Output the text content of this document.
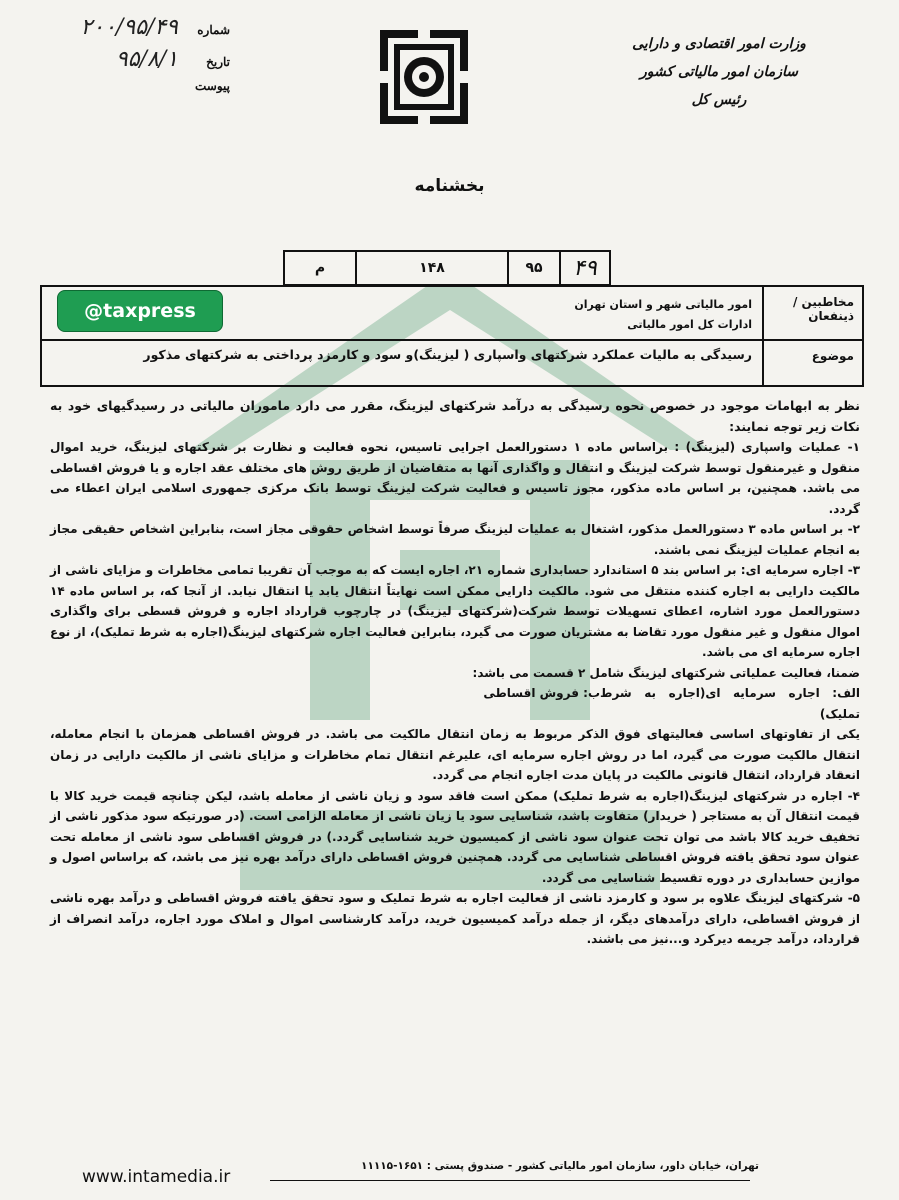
وزارت امور اقتصادی و دارایی
سازمان امور مالیاتی کشور
رئیس کل
شماره
۲۰۰/۹۵/۴۹
تاریخ
۹۵/۸/۱
پیوست
بخشنامه
م	۱۴۸	۹۵	۴۹
مخاطبین / ذینفعان
امور مالیاتی شهر و استان تهران
ادارات کل امور مالیاتی
موضوع
رسیدگی به مالیات عملکرد شرکتهای واسپاری ( لیزینگ)و سود و کارمزد پرداختی به شرکتهای مذکور
@taxpress

نظر به ابهامات موجود در خصوص نحوه رسیدگی به درآمد شرکتهای لیزینگ، مقرر می دارد ماموران مالیاتی در رسیدگیهای خود به نکات زیر توجه نمایند:

۱- عملیات واسپاری (لیزینگ) : براساس ماده ۱ دستورالعمل اجرایی تاسیس، نحوه فعالیت و نظارت بر شرکتهای لیزینگ، خرید اموال منقول و غیرمنقول توسط شرکت لیزینگ و انتقال و واگذاری آنها به متقاضیان از طریق روش های مختلف عقد اجاره و یا فروش اقساطی می باشد. همچنین، بر اساس ماده مذکور، مجوز تاسیس و فعالیت شرکت لیزینگ توسط بانک مرکزی جمهوری اسلامی ایران اعطاء می گردد.

۲- بر اساس ماده ۳ دستورالعمل مذکور، اشتغال به عملیات لیزینگ صرفاً توسط اشخاص حقوقی مجاز است، بنابراین اشخاص حقیقی مجاز به انجام عملیات لیزینگ نمی باشند.

۳- اجاره سرمایه ای: بر اساس بند ۵ استاندارد حسابداری شماره ۲۱، اجاره ایست که به موجب آن تقریبا تمامی مخاطرات و مزایای ناشی از مالکیت دارایی به اجاره کننده منتقل می شود. مالکیت دارایی ممکن است نهایتاً انتقال یابد یا انتقال نیابد. از آنجا که، بر اساس ماده ۱۴ دستورالعمل مورد اشاره، اعطای تسهیلات توسط شرکت(شرکتهای لیزینگ) در چارچوب قرارداد اجاره و فروش قسطی برای واگذاری اموال منقول و غیر منقول مورد تقاضا به مشتریان صورت می گیرد، بنابراین فعالیت اجاره شرکتهای لیزینگ(اجاره به شرط تملیک)، از نوع اجاره سرمایه ای می باشد.

ضمنا، فعالیت عملیاتی شرکتهای لیزینگ شامل ۲ قسمت می باشد:

الف: اجاره سرمایه ای(اجاره به شرط تملیک)
ب: فروش اقساطی

یکی از تفاوتهای اساسی فعالیتهای فوق الذکر مربوط به زمان انتقال مالکیت می باشد. در فروش اقساطی همزمان با انجام معامله، انتقال مالکیت صورت می گیرد، اما در روش اجاره سرمایه ای، علیرغم انتقال تمام مخاطرات و مزایای ناشی از مالکیت دارایی در زمان انعقاد قرارداد، انتقال قانونی مالکیت در پایان مدت اجاره انجام می گردد.

۴- اجاره در شرکتهای لیزینگ(اجاره به شرط تملیک) ممکن است فاقد سود و زیان ناشی از معامله باشد، لیکن چنانچه قیمت خرید کالا با قیمت انتقال آن به مستاجر ( خریدار) متفاوت باشد، شناسایی سود یا زیان ناشی از معامله الزامی است. (در صورتیکه سود مذکور ناشی از تخفیف خرید کالا باشد می توان تحت عنوان سود ناشی از کمیسیون خرید شناسایی گردد.) در فروش اقساطی سود ناشی از معامله تحت عنوان سود تحقق یافته فروش اقساطی شناسایی می گردد. همچنین فروش اقساطی دارای درآمد بهره نیز می باشد، که براساس اصول و موازین حسابداری در دوره تقسیط شناسایی می گردد.

۵- شرکتهای لیزینگ علاوه بر سود و کارمزد ناشی از فعالیت اجاره به شرط تملیک و سود تحقق یافته فروش اقساطی و درآمد بهره ناشی از فروش اقساطی، دارای درآمدهای دیگر، از جمله درآمد کمیسیون خرید، درآمد کارشناسی اموال و املاک مورد اجاره، درآمد انصراف از قرارداد، درآمد جریمه دیرکرد و...نیز می باشند.

تهران، خیابان داور، سازمان امور مالیاتی کشور - صندوق پستی : ۱۶۵۱-۱۱۱۱۵
www.intamedia.ir
